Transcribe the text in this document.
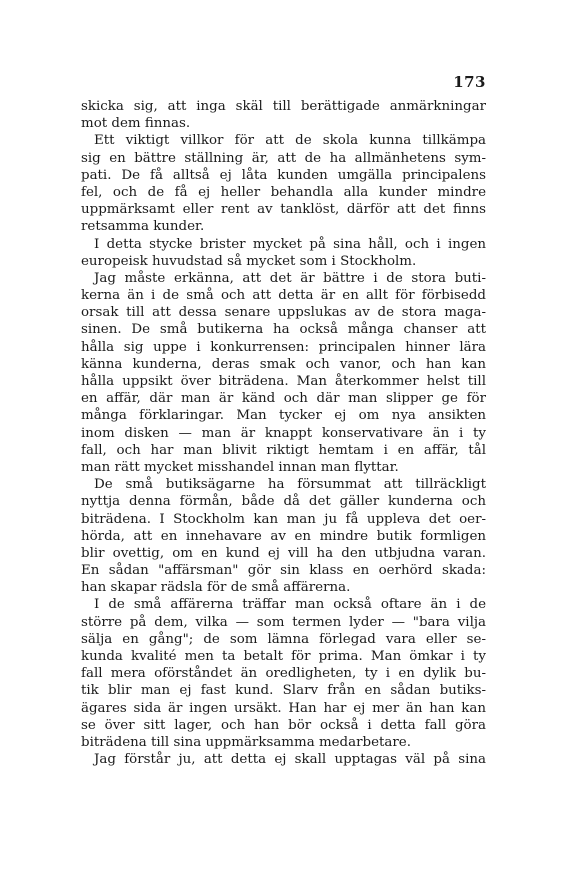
173
skicka sig, att inga skäl till berättigade anmärkningar
mot dem finnas.
Ett viktigt villkor för att de skola kunna tillkämpa
sig en bättre ställning är, att de ha allmänhetens sym-
pati. De få alltså ej låta kunden umgälla principalens
fel, och de få ej heller behandla alla kunder mindre
uppmärksamt eller rent av tanklöst, därför att det finns
retsamma kunder.
I detta stycke brister mycket på sina håll, och i ingen
europeisk huvudstad så mycket som i Stockholm.
Jag måste erkänna, att det är bättre i de stora buti-
kerna än i de små och att detta är en allt för förbisedd
orsak till att dessa senare uppslukas av de stora maga-
sinen. De små butikerna ha också många chanser att
hålla sig uppe i konkurrensen: principalen hinner lära
känna kunderna, deras smak och vanor, och han kan
hålla uppsikt över biträdena. Man återkommer helst till
en affär, där man är känd och där man slipper ge för
många förklaringar. Man tycker ej om nya ansikten
inom disken — man är knappt konservativare än i ty
fall, och har man blivit riktigt hemtam i en affär, tål
man rätt mycket misshandel innan man flyttar.
De små butiksägarne ha försummat att tillräckligt
nyttja denna förmån, både då det gäller kunderna och
biträdena. I Stockholm kan man ju få uppleva det oer-
hörda, att en innehavare av en mindre butik formligen
blir ovettig, om en kund ej vill ha den utbjudna varan.
En sådan "affärsman" gör sin klass en oerhörd skada:
han skapar rädsla för de små affärerna.
I de små affärerna träffar man också oftare än i de
större på dem, vilka — som termen lyder — "bara vilja
sälja en gång"; de som lämna förlegad vara eller se-
kunda kvalité men ta betalt för prima. Man ömkar i ty
fall mera oförståndet än oredligheten, ty i en dylik bu-
tik blir man ej fast kund. Slarv från en sådan butiks-
ägares sida är ingen ursäkt. Han har ej mer än han kan
se över sitt lager, och han bör också i detta fall göra
biträdena till sina uppmärksamma medarbetare.
Jag förstår ju, att detta ej skall upptagas väl på sina
